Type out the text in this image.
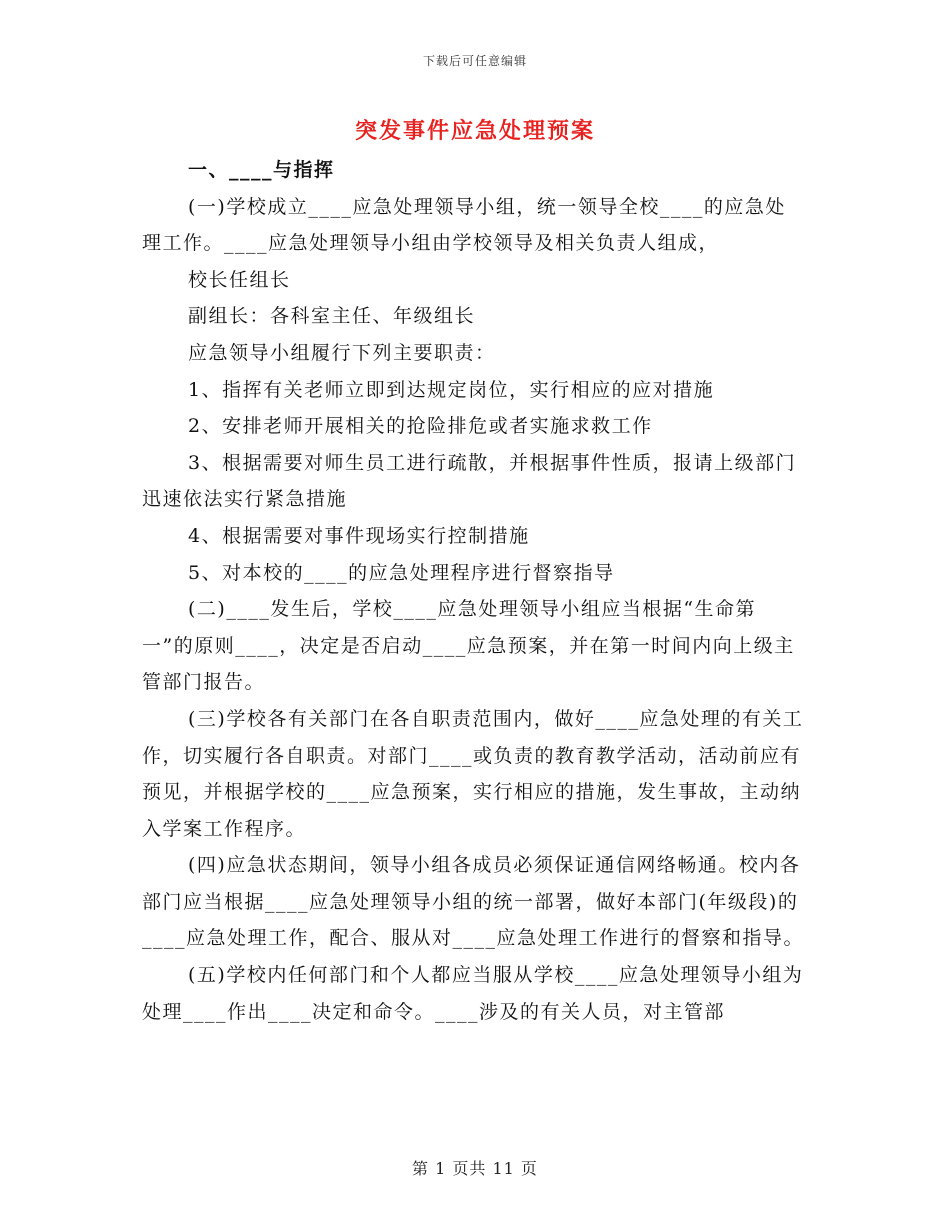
下载后可任意编辑
突发事件应急处理预案

一、____与指挥

(一)学校成立____应急处理领导小组，统一领导全校____的应急处理工作。____应急处理领导小组由学校领导及相关负责人组成，

校长任组长

副组长：各科室主任、年级组长

应急领导小组履行下列主要职责：

1、指挥有关老师立即到达规定岗位，实行相应的应对措施

2、安排老师开展相关的抢险排危或者实施求救工作

3、根据需要对师生员工进行疏散，并根据事件性质，报请上级部门迅速依法实行紧急措施

4、根据需要对事件现场实行控制措施

5、对本校的____的应急处理程序进行督察指导

(二)____发生后，学校____应急处理领导小组应当根据“生命第一”的原则____，决定是否启动____应急预案，并在第一时间内向上级主管部门报告。

(三)学校各有关部门在各自职责范围内，做好____应急处理的有关工作，切实履行各自职责。对部门____或负责的教育教学活动，活动前应有预见，并根据学校的____应急预案，实行相应的措施，发生事故，主动纳入学案工作程序。

(四)应急状态期间，领导小组各成员必须保证通信网络畅通。校内各部门应当根据____应急处理领导小组的统一部署，做好本部门(年级段)的____应急处理工作，配合、服从对____应急处理工作进行的督察和指导。

(五)学校内任何部门和个人都应当服从学校____应急处理领导小组为处理____作出____决定和命令。____涉及的有关人员，对主管部

第 1 页共 11 页
